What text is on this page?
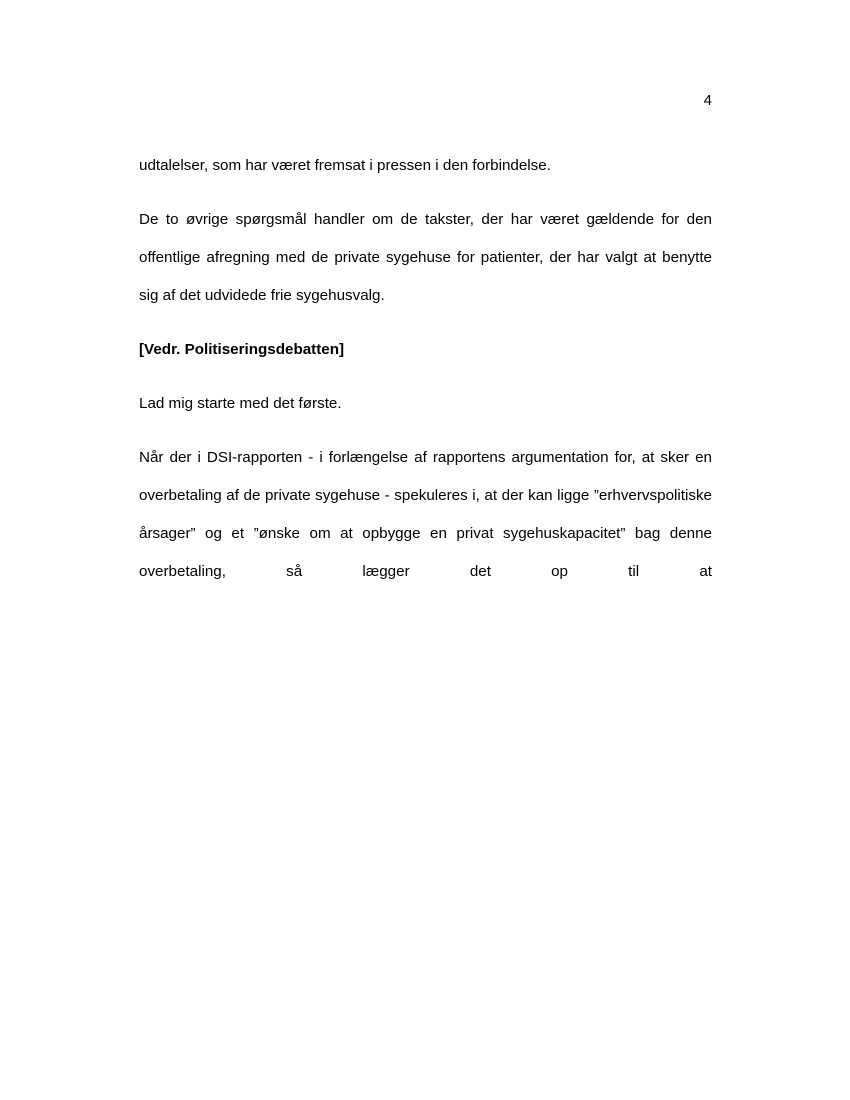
4

udtalelser, som har været fremsat i pressen i den forbindelse.

De to øvrige spørgsmål handler om de takster, der har været gældende for den offentlige afregning med de private sygehuse for patienter, der har valgt at benytte sig af det udvidede frie sygehusvalg.

[Vedr. Politiseringsdebatten]

Lad mig starte med det første.

Når der i DSI-rapporten - i forlængelse af rapportens argumentation for, at sker en overbetaling af de private sygehuse - spekuleres i, at der kan ligge ”erhvervspolitiske årsager” og et ”ønske om at opbygge en privat sygehuskapacitet” bag denne overbetaling, så lægger det op til at
